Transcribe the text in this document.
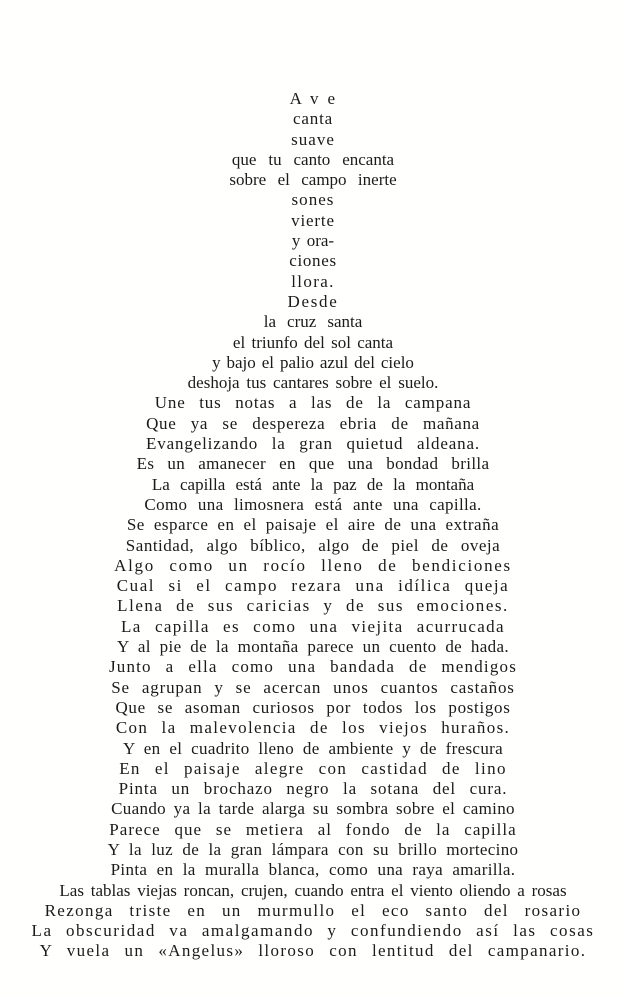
A v e
canta
suave
que tu canto encanta
sobre el campo inerte
sones
vierte
y ora-
ciones
llora.
Desde
la cruz santa
el triunfo del sol canta
y bajo el palio azul del cielo
deshoja tus cantares sobre el suelo.
Une tus notas a las de la campana
Que ya se despereza ebria de mañana
Evangelizando la gran quietud aldeana.
Es un amanecer en que una bondad brilla
La capilla está ante la paz de la montaña
Como una limosnera está ante una capilla.
Se esparce en el paisaje el aire de una extraña
Santidad, algo bíblico, algo de piel de oveja
Algo como un rocío lleno de bendiciones
Cual si el campo rezara una idílica queja
Llena de sus caricias y de sus emociones.
La capilla es como una viejita acurrucada
Y al pie de la montaña parece un cuento de hada.
Junto a ella como una bandada de mendigos
Se agrupan y se acercan unos cuantos castaños
Que se asoman curiosos por todos los postigos
Con la malevolencia de los viejos huraños.
Y en el cuadrito lleno de ambiente y de frescura
En el paisaje alegre con castidad de lino
Pinta un brochazo negro la sotana del cura.
Cuando ya la tarde alarga su sombra sobre el camino
Parece que se metiera al fondo de la capilla
Y la luz de la gran lámpara con su brillo mortecino
Pinta en la muralla blanca, como una raya amarilla.
Las tablas viejas roncan, crujen, cuando entra el viento oliendo a rosas
Rezonga triste en un murmullo el eco santo del rosario
La obscuridad va amalgamando y confundiendo así las cosas
Y vuela un «Angelus» lloroso con lentitud del campanario.
